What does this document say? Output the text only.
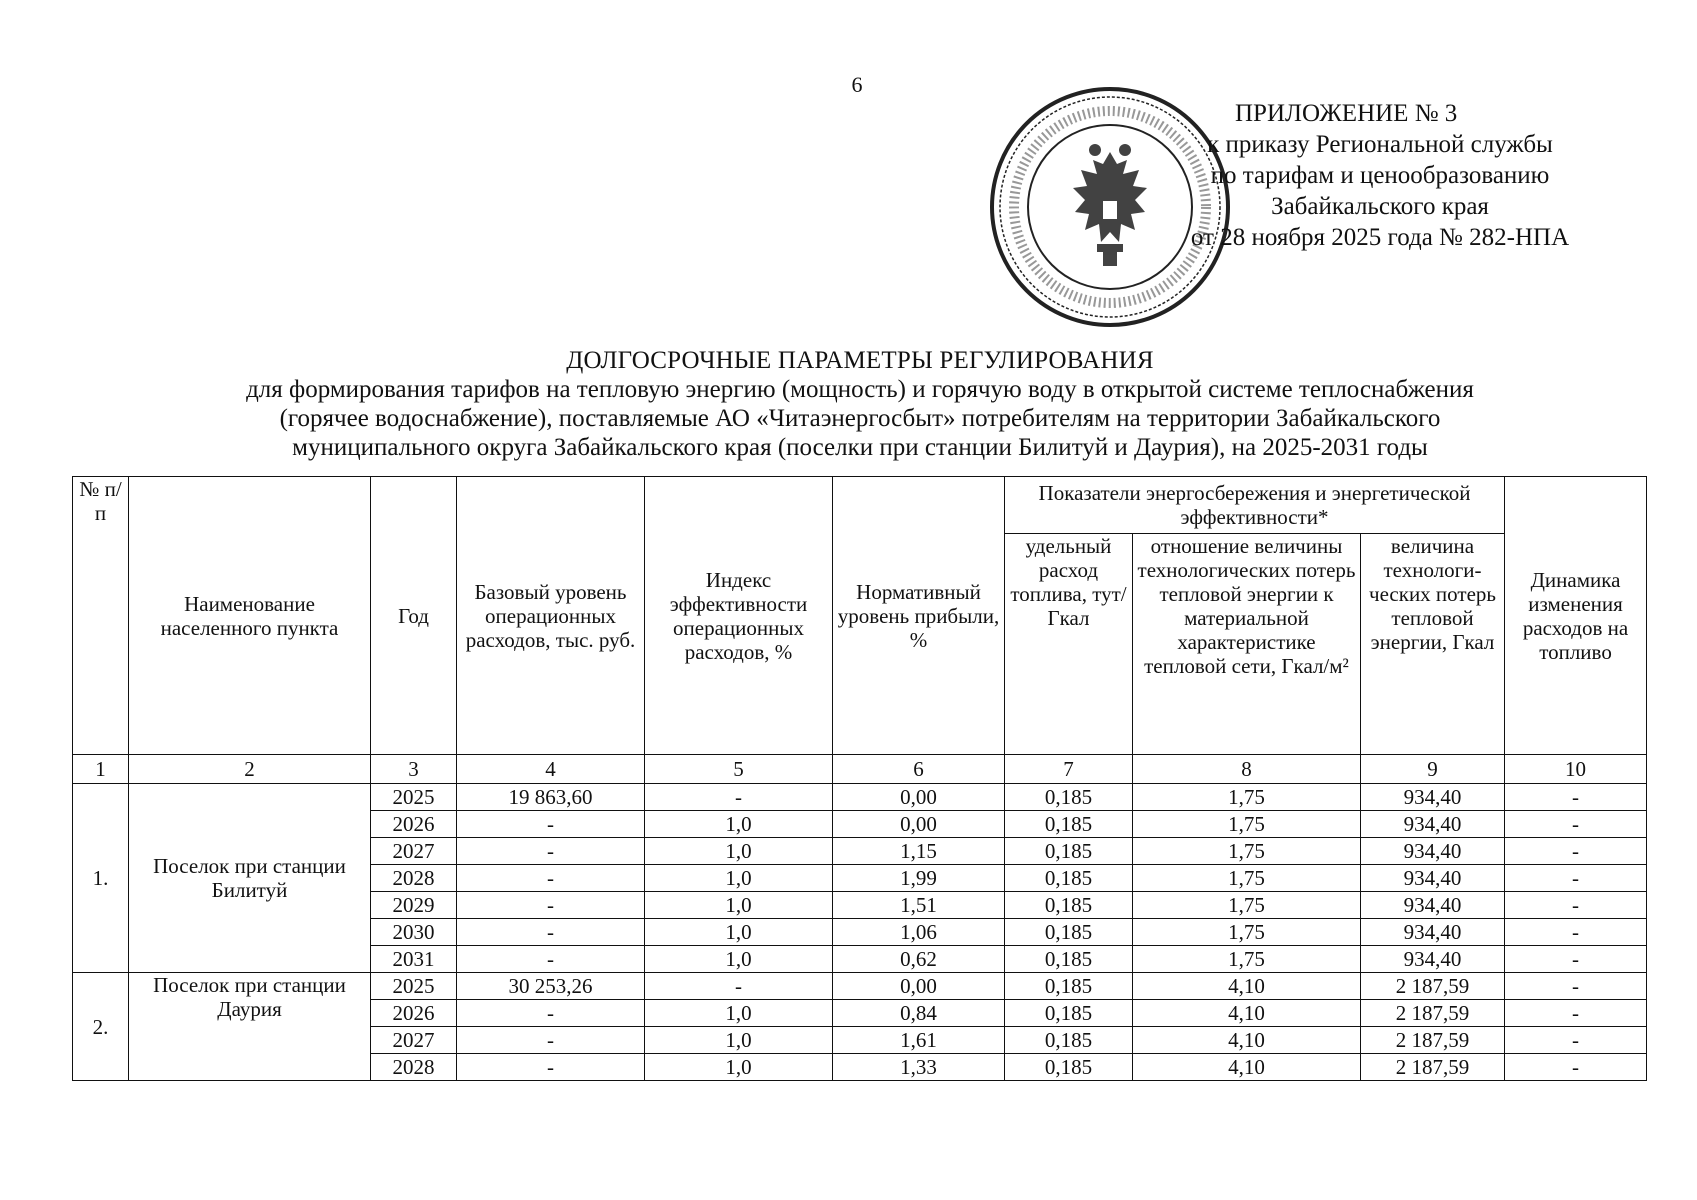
6
ПРИЛОЖЕНИЕ № 3
к приказу Региональной службы
по тарифам и ценообразованию
Забайкальского края
от 28 ноября 2025 года № 282-НПА
ДОЛГОСРОЧНЫЕ ПАРАМЕТРЫ РЕГУЛИРОВАНИЯ
для формирования тарифов на тепловую энергию (мощность) и горячую воду в открытой системе теплоснабжения
(горячее водоснабжение), поставляемые АО «Читаэнергосбыт» потребителям на территории Забайкальского
муниципального округа Забайкальского края (поселки при станции Билитуй и Даурия), на 2025-2031 годы
№ п/п	Наименование населенного пункта	Год	Базовый уровень операционных расходов, тыс. руб.	Индекс эффективности операционных расходов, %	Нормативный уровень прибыли, %	Показатели энергосбережения и энергетической эффективности*			Динамика изменения расходов на топливо
						удельный расход топлива, тут/Гкал	отношение величины технологических потерь тепловой энергии к материальной характеристике тепловой сети, Гкал/м²	величина технологи- ческих потерь тепловой энергии, Гкал	
1	2	3	4	5	6	7	8	9	10
1.	Поселок при станции Билитуй	2025	19 863,60	-	0,00	0,185	1,75	934,40	-
		2026	-	1,0	0,00	0,185	1,75	934,40	-
		2027	-	1,0	1,15	0,185	1,75	934,40	-
		2028	-	1,0	1,99	0,185	1,75	934,40	-
		2029	-	1,0	1,51	0,185	1,75	934,40	-
		2030	-	1,0	1,06	0,185	1,75	934,40	-
		2031	-	1,0	0,62	0,185	1,75	934,40	-
2.	Поселок при станции Даурия	2025	30 253,26	-	0,00	0,185	4,10	2 187,59	-
		2026	-	1,0	0,84	0,185	4,10	2 187,59	-
		2027	-	1,0	1,61	0,185	4,10	2 187,59	-
		2028	-	1,0	1,33	0,185	4,10	2 187,59	-
